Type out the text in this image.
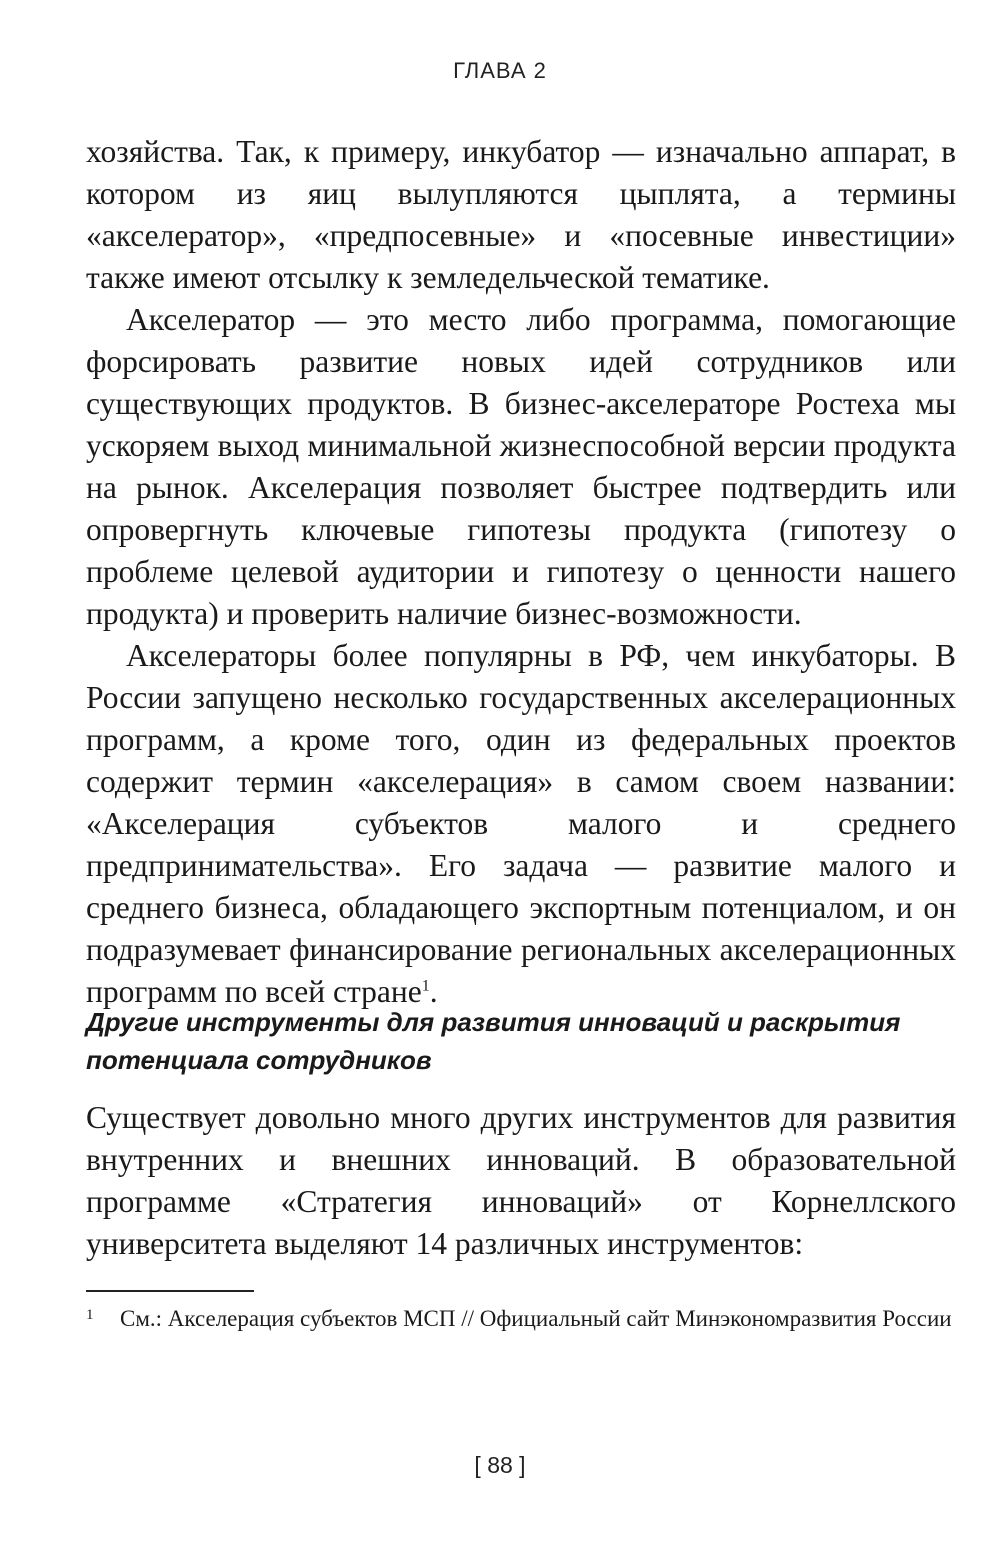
ГЛАВА 2

хозяйства. Так, к примеру, инкубатор — изначально аппарат, в котором из яиц вылупляются цыплята, а термины «акселератор», «предпосевные» и «посевные инвестиции» также имеют отсылку к земледельческой тематике.

Акселератор — это место либо программа, помогающие форсировать развитие новых идей сотрудников или существующих продуктов. В бизнес-акселераторе Ростеха мы ускоряем выход минимальной жизнеспособной версии продукта на рынок. Акселерация позволяет быстрее подтвердить или опровергнуть ключевые гипотезы продукта (гипотезу о проблеме целевой аудитории и гипотезу о ценности нашего продукта) и проверить наличие бизнес-возможности.

Акселераторы более популярны в РФ, чем инкубаторы. В России запущено несколько государственных акселерационных программ, а кроме того, один из федеральных проектов содержит термин «акселерация» в самом своем названии: «Акселерация субъектов малого и среднего предпринимательства». Его задача — развитие малого и среднего бизнеса, обладающего экспортным потенциалом, и он подразумевает финансирование региональных акселерационных программ по всей стране$^1$.

Другие инструменты для развития инноваций и раскрытия потенциала сотрудников

Существует довольно много других инструментов для развития внутренних и внешних инноваций. В образовательной программе «Стратегия инноваций» от Корнеллского университета выделяют 14 различных инструментов:

1 См.: Акселерация субъектов МСП // Официальный сайт Минэкономразвития России
[ 88 ]
